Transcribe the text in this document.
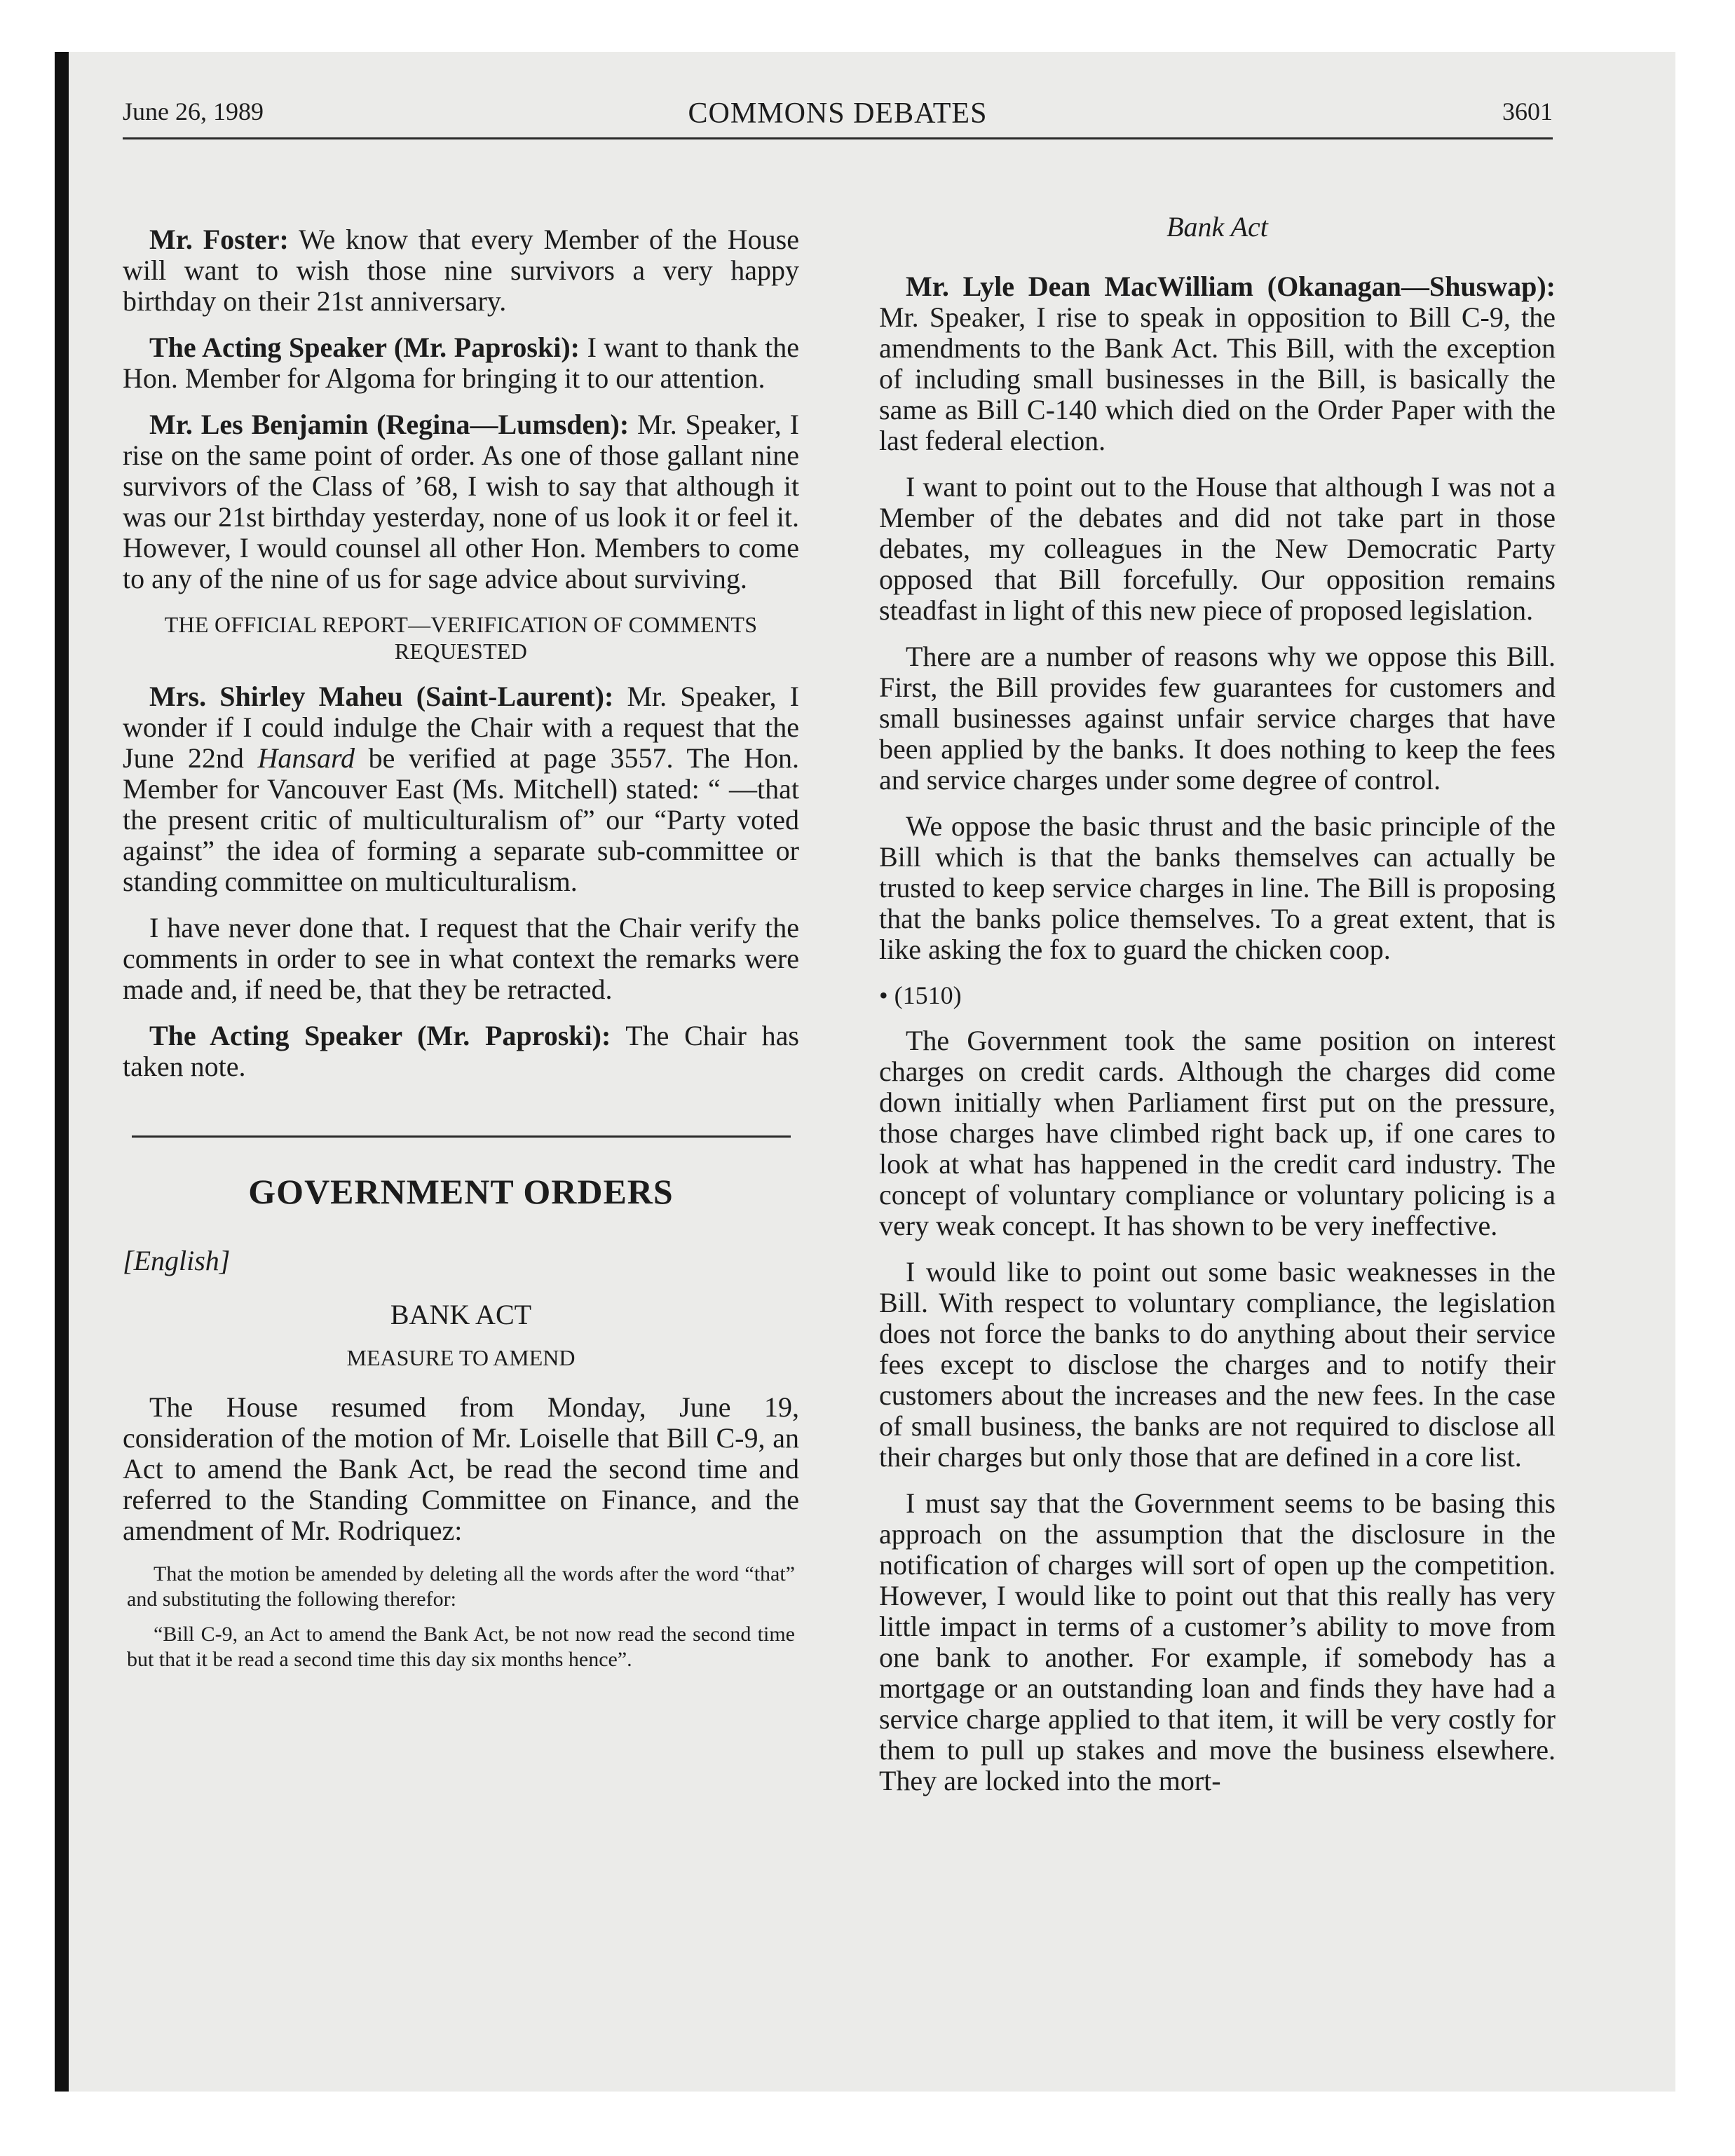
June 26, 1989	COMMONS DEBATES	3601

Mr. Foster: We know that every Member of the House will want to wish those nine survivors a very happy birthday on their 21st anniversary.

The Acting Speaker (Mr. Paproski): I want to thank the Hon. Member for Algoma for bringing it to our attention.

Mr. Les Benjamin (Regina—Lumsden): Mr. Speaker, I rise on the same point of order. As one of those gallant nine survivors of the Class of ’68, I wish to say that although it was our 21st birthday yesterday, none of us look it or feel it. However, I would counsel all other Hon. Members to come to any of the nine of us for sage advice about surviving.

THE OFFICIAL REPORT—VERIFICATION OF COMMENTS REQUESTED

Mrs. Shirley Maheu (Saint-Laurent): Mr. Speaker, I wonder if I could indulge the Chair with a request that the June 22nd Hansard be verified at page 3557. The Hon. Member for Vancouver East (Ms. Mitchell) stated: “ —that the present critic of multiculturalism of” our “Party voted against” the idea of forming a separate sub-committee or standing committee on multiculturalism.

I have never done that. I request that the Chair verify the comments in order to see in what context the remarks were made and, if need be, that they be retracted.

The Acting Speaker (Mr. Paproski): The Chair has taken note.

GOVERNMENT ORDERS
[English]
BANK ACT
MEASURE TO AMEND

The House resumed from Monday, June 19, consideration of the motion of Mr. Loiselle that Bill C-9, an Act to amend the Bank Act, be read the second time and referred to the Standing Committee on Finance, and the amendment of Mr. Rodriquez:

That the motion be amended by deleting all the words after the word “that” and substituting the following therefor:

“Bill C-9, an Act to amend the Bank Act, be not now read the second time but that it be read a second time this day six months hence”.

Bank Act

Mr. Lyle Dean MacWilliam (Okanagan—Shuswap): Mr. Speaker, I rise to speak in opposition to Bill C-9, the amendments to the Bank Act. This Bill, with the exception of including small businesses in the Bill, is basically the same as Bill C-140 which died on the Order Paper with the last federal election.

I want to point out to the House that although I was not a Member of the debates and did not take part in those debates, my colleagues in the New Democratic Party opposed that Bill forcefully. Our opposition remains steadfast in light of this new piece of proposed legislation.

There are a number of reasons why we oppose this Bill. First, the Bill provides few guarantees for customers and small businesses against unfair service charges that have been applied by the banks. It does nothing to keep the fees and service charges under some degree of control.

We oppose the basic thrust and the basic principle of the Bill which is that the banks themselves can actually be trusted to keep service charges in line. The Bill is proposing that the banks police themselves. To a great extent, that is like asking the fox to guard the chicken coop.

• (1510)

The Government took the same position on interest charges on credit cards. Although the charges did come down initially when Parliament first put on the pressure, those charges have climbed right back up, if one cares to look at what has happened in the credit card industry. The concept of voluntary compliance or voluntary policing is a very weak concept. It has shown to be very ineffective.

I would like to point out some basic weaknesses in the Bill. With respect to voluntary compliance, the legislation does not force the banks to do anything about their service fees except to disclose the charges and to notify their customers about the increases and the new fees. In the case of small business, the banks are not required to disclose all their charges but only those that are defined in a core list.

I must say that the Government seems to be basing this approach on the assumption that the disclosure in the notification of charges will sort of open up the competition. However, I would like to point out that this really has very little impact in terms of a customer’s ability to move from one bank to another. For example, if somebody has a mortgage or an outstanding loan and finds they have had a service charge applied to that item, it will be very costly for them to pull up stakes and move the business elsewhere. They are locked into the mort-
